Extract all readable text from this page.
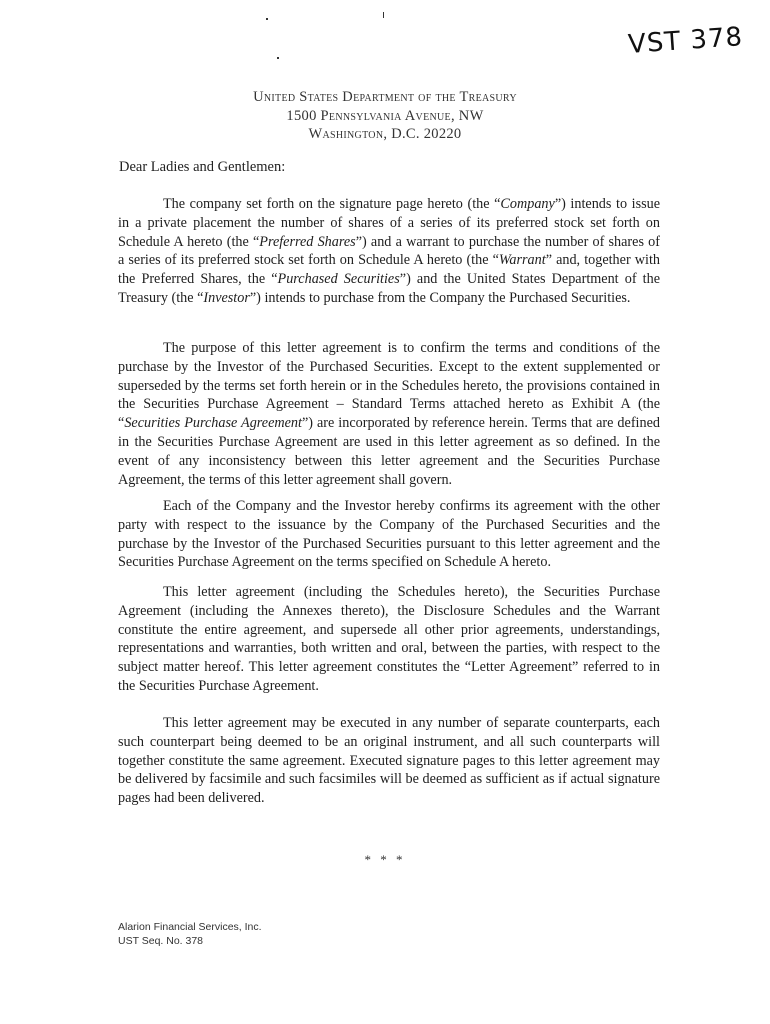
VST 378
United States Department of the Treasury
1500 Pennsylvania Avenue, NW
Washington, D.C. 20220
Dear Ladies and Gentlemen:

The company set forth on the signature page hereto (the “Company”) intends to issue in a private placement the number of shares of a series of its preferred stock set forth on Schedule A hereto (the “Preferred Shares”) and a warrant to purchase the number of shares of a series of its preferred stock set forth on Schedule A hereto (the “Warrant” and, together with the Preferred Shares, the “Purchased Securities”) and the United States Department of the Treasury (the “Investor”) intends to purchase from the Company the Purchased Securities.

The purpose of this letter agreement is to confirm the terms and conditions of the purchase by the Investor of the Purchased Securities. Except to the extent supplemented or superseded by the terms set forth herein or in the Schedules hereto, the provisions contained in the Securities Purchase Agreement – Standard Terms attached hereto as Exhibit A (the “Securities Purchase Agreement”) are incorporated by reference herein. Terms that are defined in the Securities Purchase Agreement are used in this letter agreement as so defined. In the event of any inconsistency between this letter agreement and the Securities Purchase Agreement, the terms of this letter agreement shall govern.

Each of the Company and the Investor hereby confirms its agreement with the other party with respect to the issuance by the Company of the Purchased Securities and the purchase by the Investor of the Purchased Securities pursuant to this letter agreement and the Securities Purchase Agreement on the terms specified on Schedule A hereto.

This letter agreement (including the Schedules hereto), the Securities Purchase Agreement (including the Annexes thereto), the Disclosure Schedules and the Warrant constitute the entire agreement, and supersede all other prior agreements, understandings, representations and warranties, both written and oral, between the parties, with respect to the subject matter hereof. This letter agreement constitutes the “Letter Agreement” referred to in the Securities Purchase Agreement.

This letter agreement may be executed in any number of separate counterparts, each such counterpart being deemed to be an original instrument, and all such counterparts will together constitute the same agreement. Executed signature pages to this letter agreement may be delivered by facsimile and such facsimiles will be deemed as sufficient as if actual signature pages had been delivered.

* * *
Alarion Financial Services, Inc.
UST Seq. No. 378
